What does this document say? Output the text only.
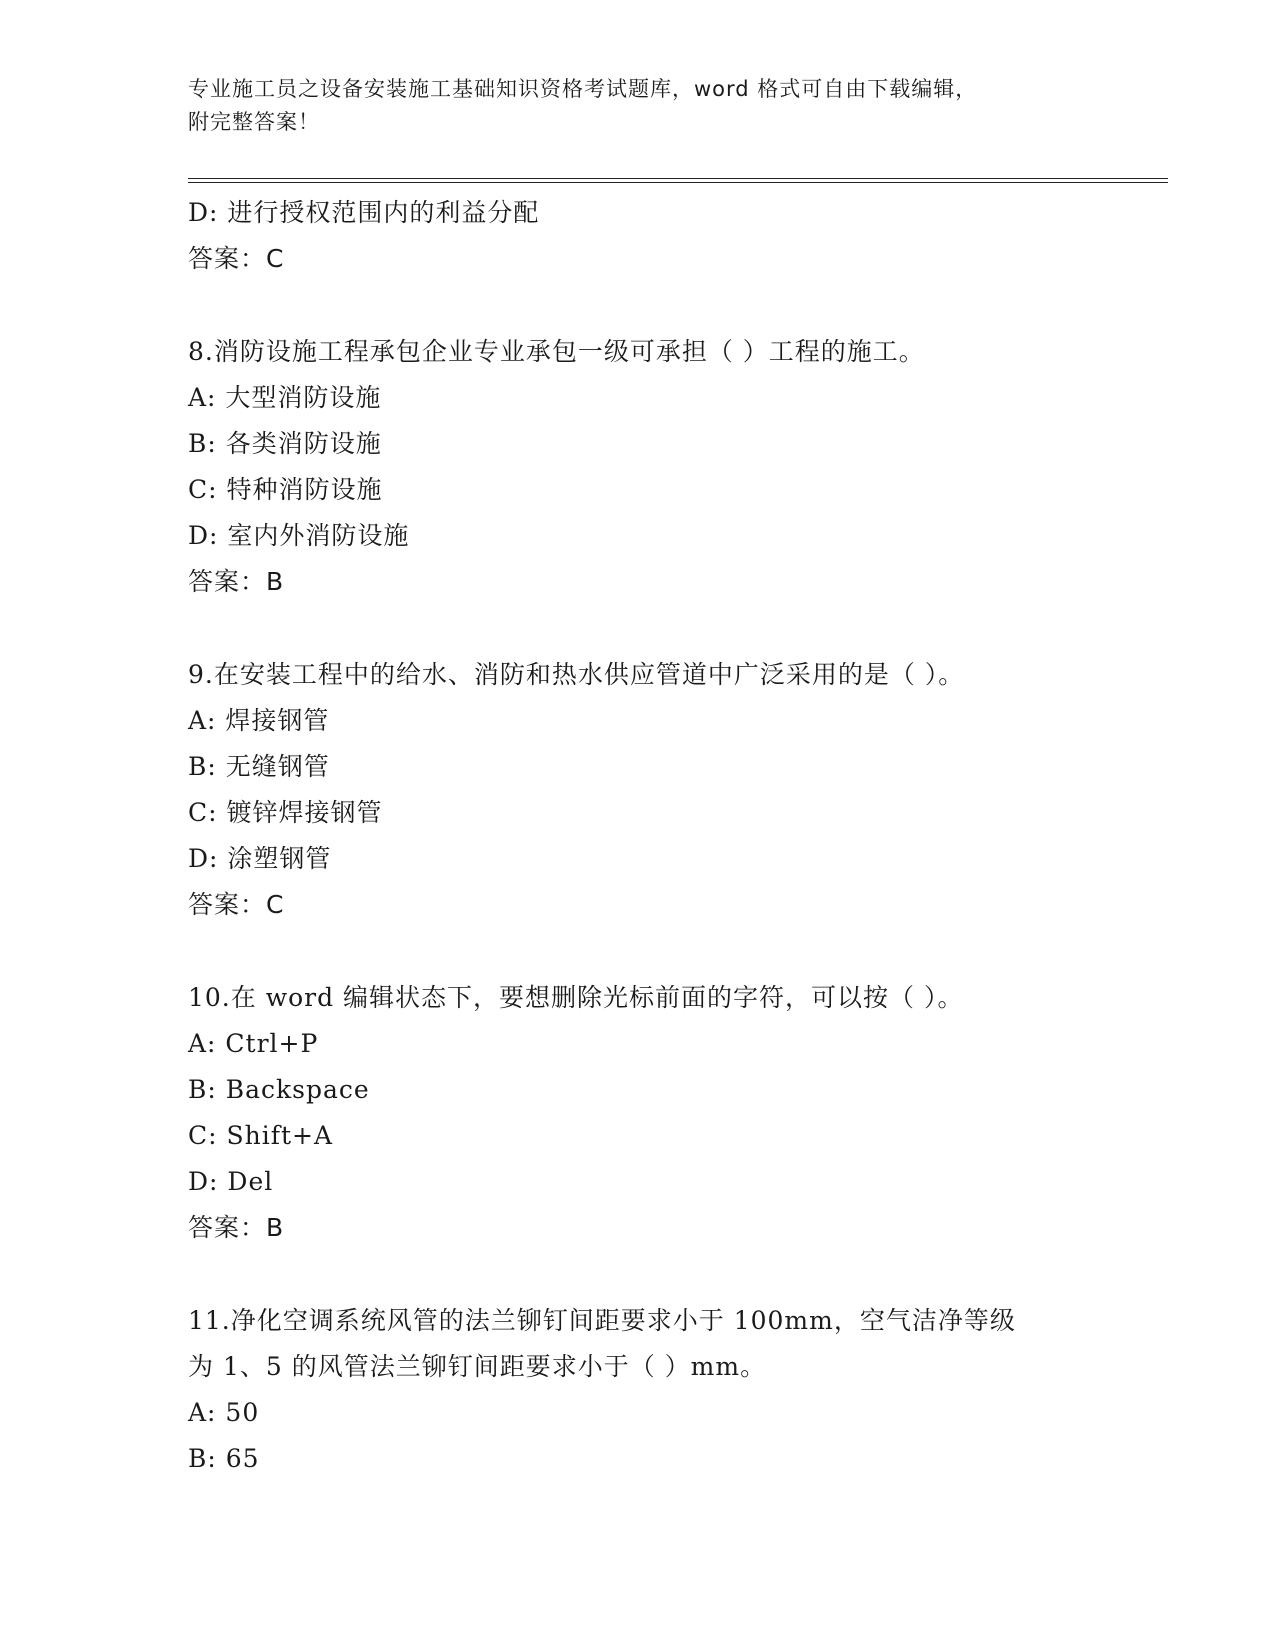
专业施工员之设备安装施工基础知识资格考试题库，word 格式可自由下载编辑，
附完整答案！
D: 进行授权范围内的利益分配
答案：C
8.消防设施工程承包企业专业承包一级可承担（ ）工程的施工。
A: 大型消防设施
B: 各类消防设施
C: 特种消防设施
D: 室内外消防设施
答案：B
9.在安装工程中的给水、消防和热水供应管道中广泛采用的是（ ）。
A: 焊接钢管
B: 无缝钢管
C: 镀锌焊接钢管
D: 涂塑钢管
答案：C
10.在 word 编辑状态下，要想删除光标前面的字符，可以按（ ）。
A: Ctrl+P
B: Backspace
C: Shift+A
D: Del
答案：B
11.净化空调系统风管的法兰铆钉间距要求小于 100mm，空气洁净等级
为 1、5 的风管法兰铆钉间距要求小于（ ）mm。
A: 50
B: 65
